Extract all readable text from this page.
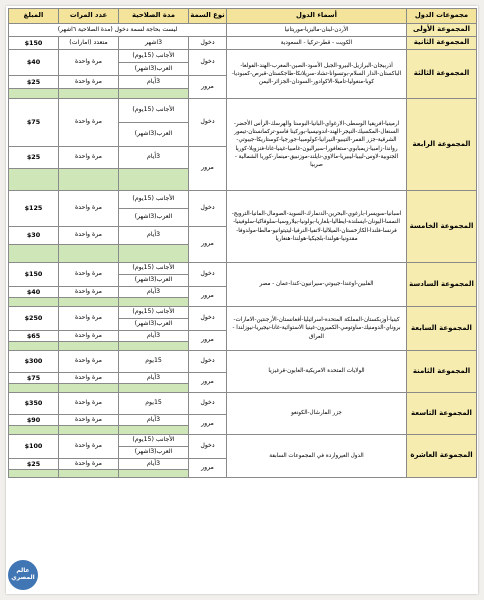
مجموعات الدول	أسماء الدول	نوع السمة	مدة الصلاحية	عدد المرات	المبلغ
المجموعة الأولى	الأردن-لبنان-ماليزيا-موريتانيا	ليست بحاجة لسمة دخول (مدة الصلاحية ٦اشهر)			
المجموعة الثانية	الكويت - قطر-تركيا - السعودية	دخول	3اشهر	متعدد (امارات)	$150
المجموعة الثالثة	أذربيجان-البرازيل-البيرو-الجبل الأسود-الصين-المغرب-الهند-الفولغا-الباكستان-الدار السلام-بوتسوانا-تشاد-سريلانكا-طاجكستان-قبرص-كمبوديا-كوبا-منغوليا-تاميلا-الاكوادور-السودان-الجزائر-اليمن	دخول	الأجانب (15يوم)	مرة واحدة	$40
			العرب(3اشهر)		
		مرور	3أيام	مرة واحدة	$25

المجموعة الرابعة	ارمينيا-افريقيا الوسطى-الارغواي-البانيا-البوسنا والهرسك-الرأس الأخضر-السنغال-المكسيك-النيجر-الهند-اندونيسيا-بوركينا فاسو-تركمانستان-تيمور الشرقية-جزر القمر-التيبيو-النيرانيا-كولومبيا-جورجيا-كوستاريكا-جيبوتي-رواندا-زامبيا-زيمبابوي-ستغافورا-سيراليون-غامبيا-غينيا-غانا-فنزويلا-كوريا الجنوبية-لاوس-ليبيا-ليبيريا-مالاوي-نايلند-موزنبيق-مينمار-كوريا الشمالية - صربيا	دخول	الأجانب (15يوم)	مرة واحدة	$75
			العرب(3اشهر)		
		مرور	3أيام	مرة واحدة	$25

المجموعة الخامسة	اسبانيا-سويسرا-بارغوي-البحرين-الدنمارك-السويد-الصومال-المانيا-الترويج-النمسا-اليونان-ايسلندة-ايطاليا-بلغاريا-بولونيا-بيلاروسيا-سلوفاكيا-سلوفينيا-فرنسا-فلندا-الكازخستان-الميلاليا-لاتفيا-النرفيا-ليتيتوانيو-مالطا-مولدوفا-مقدونيا-هولندا-بلجيكيا-هولندا-هنغاريا	دخول	الأجانب (15يوم)	مرة واحدة	$125
			العرب(3اشهر)		
		مرور	3أيام	مرة واحدة	$30

المجموعة السادسة	الفلبين-اوغندا-جيبوتي-سيرانيون-كندا-عمان - مصر	دخول	الأجانب (15يوم)	مرة واحدة	$150
			العرب(3اشهر)		
		مرور	3أيام	مرة واحدة	$40

المجموعة السابعة	كينيا-أوزبكستان-المملكة المتحدة-اسرائيليا-أفغانستان-الأرجنتين-الامارات-بروناي-الدومنيك-ساوتومي-الكميرون-غينيا الاستوائية-غانا-نيجيريا-نيوزلندا - العراق	دخول	الأجانب (15يوم)	مرة واحدة	$250
			العرب(3اشهر)		
		مرور	3أيام	مرة واحدة	$65

المجموعة الثامنة	الولايات المتحدة الامريكية-الغابون-قرغيزيا	دخول	15يوم	مرة واحدة	$300
		مرور	3أيام	مرة واحدة	$75

المجموعة التاسعة	جزر المارشال-الكونغو	دخول	15يوم	مرة واحدة	$350
		مرور	3أيام	مرة واحدة	$90

المجموعة العاشرة	الدول الغيرواردة في المجموعات السابقة	دخول	الأجانب (15يوم)	مرة واحدة	$100
			العرب(3اشهر)		
		مرور	3أيام	مرة واحدة	$25

عالم المصري
